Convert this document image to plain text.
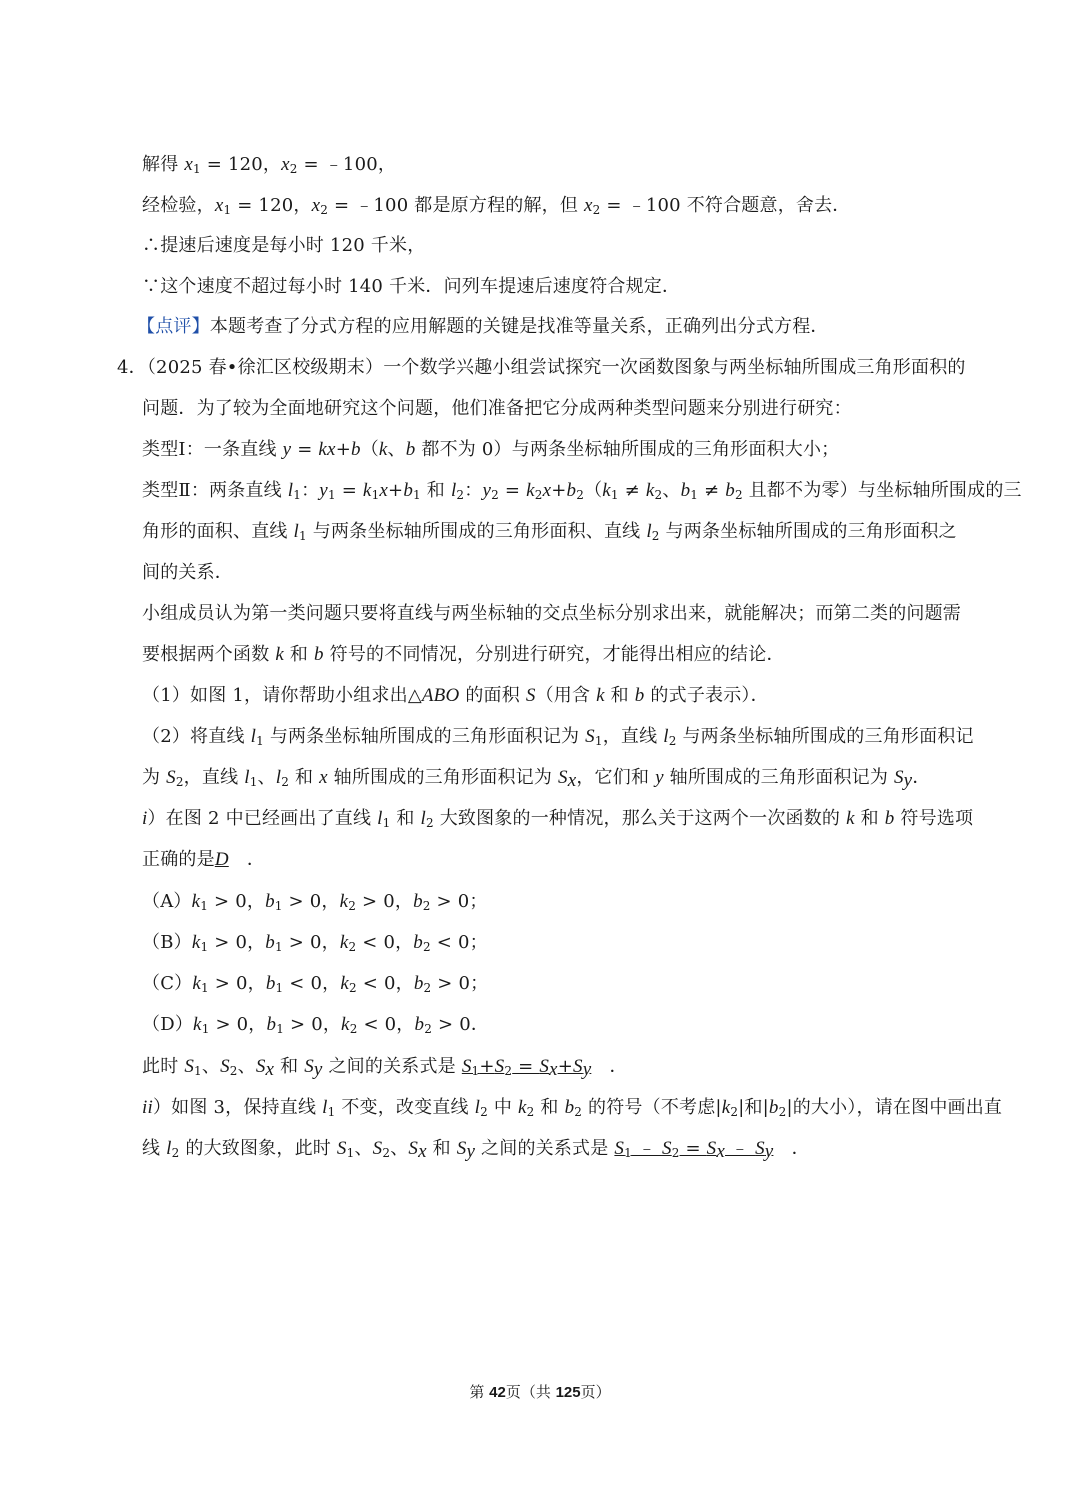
解得 $x_1 = 120$，$x_2$ = ﹣100，
经检验，$x_1 = 120$，$x_2$ = ﹣100 都是原方程的解，但 $x_2$ = ﹣100 不符合题意，舍去．
∴提速后速度是每小时 120 千米，
∵这个速度不超过每小时 140 千米．问列车提速后速度符合规定．
【点评】本题考查了分式方程的应用解题的关键是找准等量关系，正确列出分式方程．
4．（2025 春•徐汇区校级期末）一个数学兴趣小组尝试探究一次函数图象与两坐标轴所围成三角形面积的
问题．为了较为全面地研究这个问题，他们准备把它分成两种类型问题来分别进行研究：
类型Ⅰ：一条直线 y = kx+b（k、b 都不为 0）与两条坐标轴所围成的三角形面积大小；
类型Ⅱ：两条直线 $l_1$：$y_1 = k_1x+b_1$ 和 $l_2$：$y_2 = k_2x+b_2(k_1 \ne k_2$、$b_1 \ne b_2$ 且都不为零）与坐标轴所围成的三
角形的面积、直线 $l_1$ 与两条坐标轴所围成的三角形面积、直线 $l_2$ 与两条坐标轴所围成的三角形面积之
间的关系．
小组成员认为第一类问题只要将直线与两坐标轴的交点坐标分别求出来，就能解决；而第二类的问题需
要根据两个函数 k 和 b 符号的不同情况，分别进行研究，才能得出相应的结论．
（1）如图 1，请你帮助小组求出△ABO 的面积 S（用含 k 和 b 的式子表示）．
（2）将直线 $l_1$ 与两条坐标轴所围成的三角形面积记为 $S_1$，直线 $l_2$ 与两条坐标轴所围成的三角形面积记
为 $S_2$，直线 $l_1$、$l_2$ 和 x 轴所围成的三角形面积记为 $S_x$，它们和 y 轴所围成的三角形面积记为 $S_y$．
i）在图 2 中已经画出了直线 $l_1$ 和 $l_2$ 大致图象的一种情况，那么关于这两个一次函数的 k 和 b 符号选项
正确的是D　．
$(A)k_1 > 0$，$b_1 > 0$，$k_2 > 0$，$b_2 > 0$；
$(B)k_1 > 0$，$b_1 > 0$，$k_2 < 0$，$b_2 < 0$；
$(C)k_1 > 0$，$b_1 < 0$，$k_2 < 0$，$b_2 > 0$；
$(D)k_1 > 0$，$b_1 > 0$，$k_2 < 0$，$b_2 > 0$．
此时 $S_1$、$S_2$、$S_x$ 和 $S_y$ 之间的关系式是 $S_1+S_2 = S_x+S_y$　．
ii）如图 3，保持直线 $l_1$ 不变，改变直线 $l_2$ 中 $k_2$ 和 $b_2$ 的符号（不考虑$|k_2|$和$|b_2|$的大小），请在图中画出直
线 $l_2$ 的大致图象，此时 $S_1$、$S_2$、$S_x$ 和 $S_y$ 之间的关系式是 $S_1$ ﹣ $S_2 = S_x$ ﹣ $S_y$　．
第 42页（共 125页）
